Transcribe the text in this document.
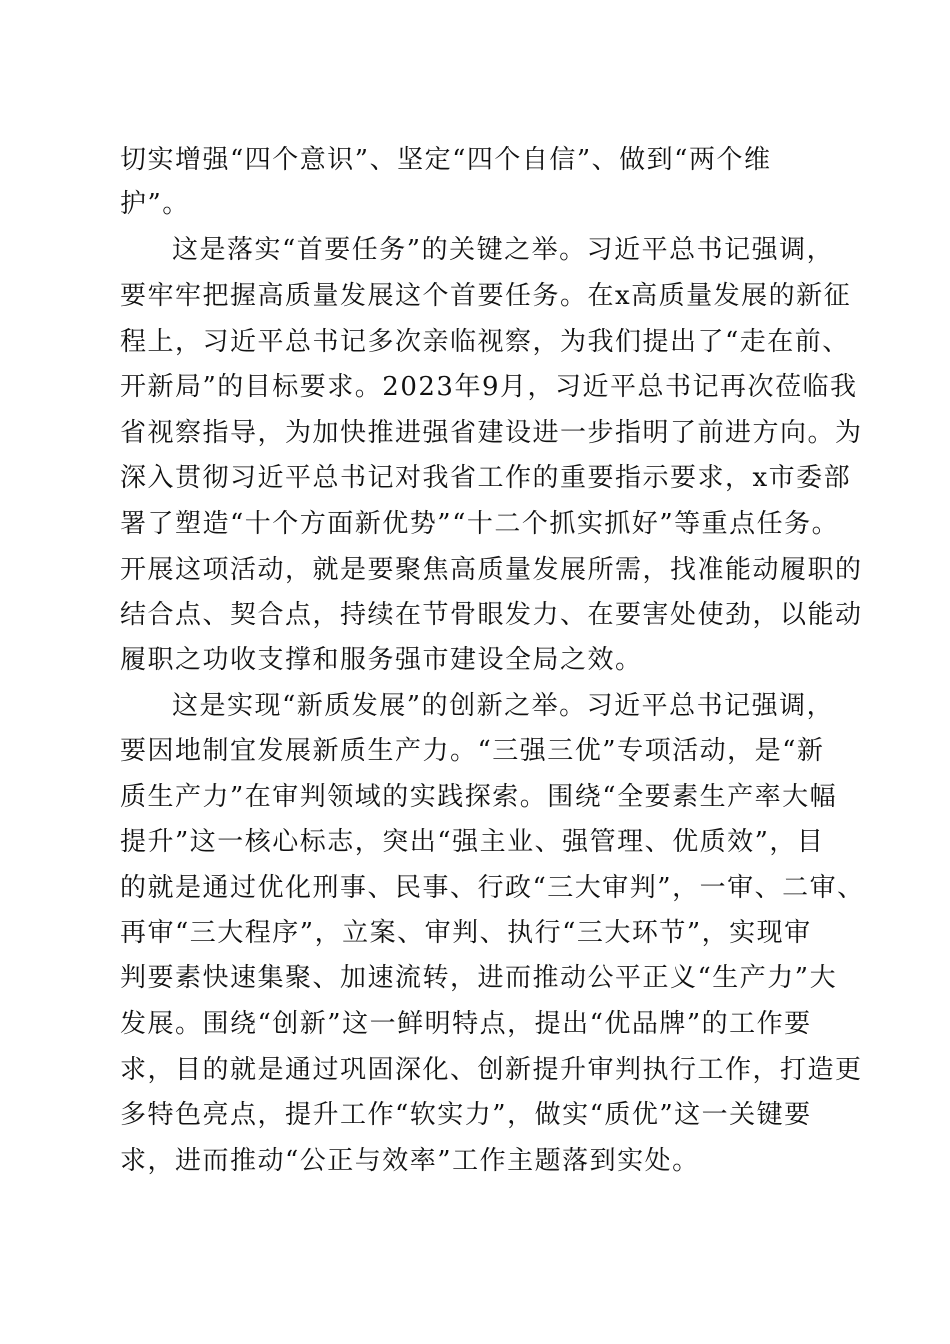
切实增强“四个意识”、坚定“四个自信”、做到“两个维
护”。
这是落实“首要任务”的关键之举。习近平总书记强调，
要牢牢把握高质量发展这个首要任务。在x高质量发展的新征
程上，习近平总书记多次亲临视察，为我们提出了“走在前、
开新局”的目标要求。2023年9月，习近平总书记再次莅临我
省视察指导，为加快推进强省建设进一步指明了前进方向。为
深入贯彻习近平总书记对我省工作的重要指示要求，x市委部
署了塑造“十个方面新优势”“十二个抓实抓好”等重点任务。
开展这项活动，就是要聚焦高质量发展所需，找准能动履职的
结合点、契合点，持续在节骨眼发力、在要害处使劲，以能动
履职之功收支撑和服务强市建设全局之效。
这是实现“新质发展”的创新之举。习近平总书记强调，
要因地制宜发展新质生产力。“三强三优”专项活动，是“新
质生产力”在审判领域的实践探索。围绕“全要素生产率大幅
提升”这一核心标志，突出“强主业、强管理、优质效”，目
的就是通过优化刑事、民事、行政“三大审判”，一审、二审、
再审“三大程序”，立案、审判、执行“三大环节”，实现审
判要素快速集聚、加速流转，进而推动公平正义“生产力”大
发展。围绕“创新”这一鲜明特点，提出“优品牌”的工作要
求，目的就是通过巩固深化、创新提升审判执行工作，打造更
多特色亮点，提升工作“软实力”，做实“质优”这一关键要
求，进而推动“公正与效率”工作主题落到实处。
